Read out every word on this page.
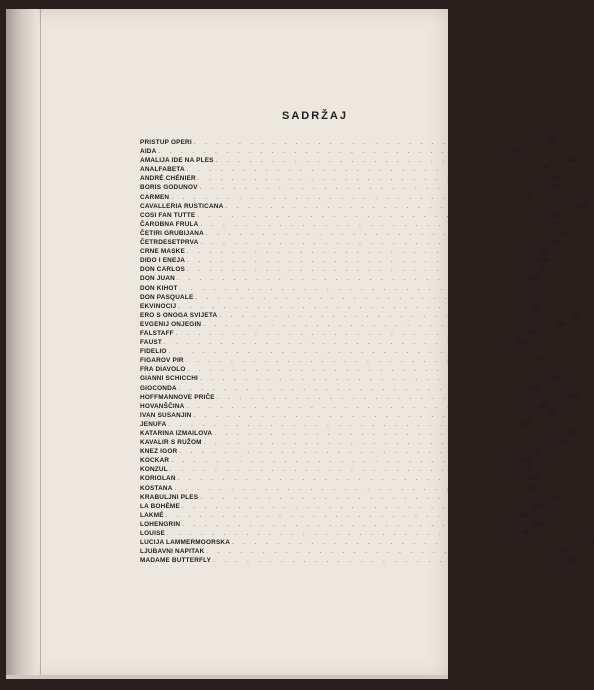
SADRŽAJ
PRISTUP OPERI . . . . . . . . . . . . . . . . . . . . . . . . . . . . . . .	IX
AIDA . . . . . . . . . . . . . . . . . . . . . . . . . . . . . . . 323
AMALIJA IDE NA PLES . . . . . . . . . . . . . . . . . . . . . . . . . . . . . . . 144
ANALFABETA . . . . . . . . . . . . . . . . . . . . . . . . . . . . . . . 122
ANDRÉ CHÉNIER . . . . . . . . . . . . . . . . . . . . . . . . . . . . . . .	85
BORIS GODUNOV . . . . . . . . . . . . . . . . . . . . . . . . . . . . . . . 179
CARMEN . . . . . . . . . . . . . . . . . . . . . . . . . . . . . . .	22
CAVALLERIA RUSTICANA . . . . . . . . . . . . . . . . . . . . . . . . . . . . . . . 134
COSI FAN TUTTE . . . . . . . . . . . . . . . . . . . . . . . . . . . . . . . 168
ČAROBNA FRULA . . . . . . . . . . . . . . . . . . . . . . . . . . . . . . . 171
ČETIRI GRUBIJANA . . . . . . . . . . . . . . . . . . . . . . . . . . . . . . . 379
ČETRDESETPRVA . . . . . . . . . . . . . . . . . . . . . . . . . . . . . . . 130
CRNE MASKE . . . . . . . . . . . . . . . . . . . . . . . . . . . . . . . 111
DIDO I ENEJA . . . . . . . . . . . . . . . . . . . . . . . . . . . . . . . 250
DON CARLOS . . . . . . . . . . . . . . . . . . . . . . . . . . . . . . . 319
DON JUAN . . . . . . . . . . . . . . . . . . . . . . . . . . . . . . . 163
DON KIHOT . . . . . . . . . . . . . . . . . . . . . . . . . . . . . . . 142
DON PASQUALE . . . . . . . . . . . . . . . . . . . . . . . . . . . . . . .	75
EKVINOCIJ . . . . . . . . . . . . . . . . . . . . . . . . . . . . . . .	42
ERO S ONOGA SVIJETA . . . . . . . . . . . . . . . . . . . . . . . . . . . . . . .	97
EVGENIJ ONJEGIN . . . . . . . . . . . . . . . . . . . . . . . . . . . . . . .	55
FALSTAFF . . . . . . . . . . . . . . . . . . . . . . . . . . . . . . . 335
FAUST . . . . . . . . . . . . . . . . . . . . . . . . . . . . . . . 103
FIDELIO . . . . . . . . . . . . . . . . . . . . . . . . . . . . . . .	9
FIGAROV PIR . . . . . . . . . . . . . . . . . . . . . . . . . . . . . . . 158
FRA DIAVOLO . . . . . . . . . . . . . . . . . . . . . . . . . . . . . . .	5
GIANNI SCHICCHI . . . . . . . . . . . . . . . . . . . . . . . . . . . . . . . 241
GIOCONDA . . . . . . . . . . . . . . . . . . . . . . . . . . . . . . . 201
HOFFMANNOVE PRIČE . . . . . . . . . . . . . . . . . . . . . . . . . . . . . . . 196
HOVANŠČINA . . . . . . . . . . . . . . . . . . . . . . . . . . . . . . . 185
IVAN SUSANJIN . . . . . . . . . . . . . . . . . . . . . . . . . . . . . . .	90
JENUFA . . . . . . . . . . . . . . . . . . . . . . . . . . . . . . . 108
KATARINA IZMAILOVA . . . . . . . . . . . . . . . . . . . . . . . . . . . . . . . 282
KAVALIR S RUŽOM . . . . . . . . . . . . . . . . . . . . . . . . . . . . . . . 275
KNEZ IGOR . . . . . . . . . . . . . . . . . . . . . . . . . . . . . . .	28
KOCKAR . . . . . . . . . . . . . . . . . . . . . . . . . . . . . . . 207
KONZUL . . . . . . . . . . . . . . . . . . . . . . . . . . . . . . . 146
KORIOLAN . . . . . . . . . . . . . . . . . . . . . . . . . . . . . . . 285
KOSTANA . . . . . . . . . . . . . . . . . . . . . . . . . . . . . . . 115
KRABULJNI PLES . . . . . . . . . . . . . . . . . . . . . . . . . . . . . . . 215
LA BOHÈME . . . . . . . . . . . . . . . . . . . . . . . . . . . . . . . 224
LAKMÉ . . . . . . . . . . . . . . . . . . . . . . . . . . . . . . .	69
LOHENGRIN . . . . . . . . . . . . . . . . . . . . . . . . . . . . . . . 347
LOUISE . . . . . . . . . . . . . . . . . . . . . . . . . . . . . . .	43
LUCIJA LAMMERMOORSKA . . . . . . . . . . . . . . . . . . . . . . . . . . . . . . .	73
LJUBAVNI NAPITAK . . . . . . . . . . . . . . . . . . . . . . . . . . . . . . .	71
MADAME BUTTERFLY . . . . . . . . . . . . . . . . . . . . . . . . . . . . . . . 235
